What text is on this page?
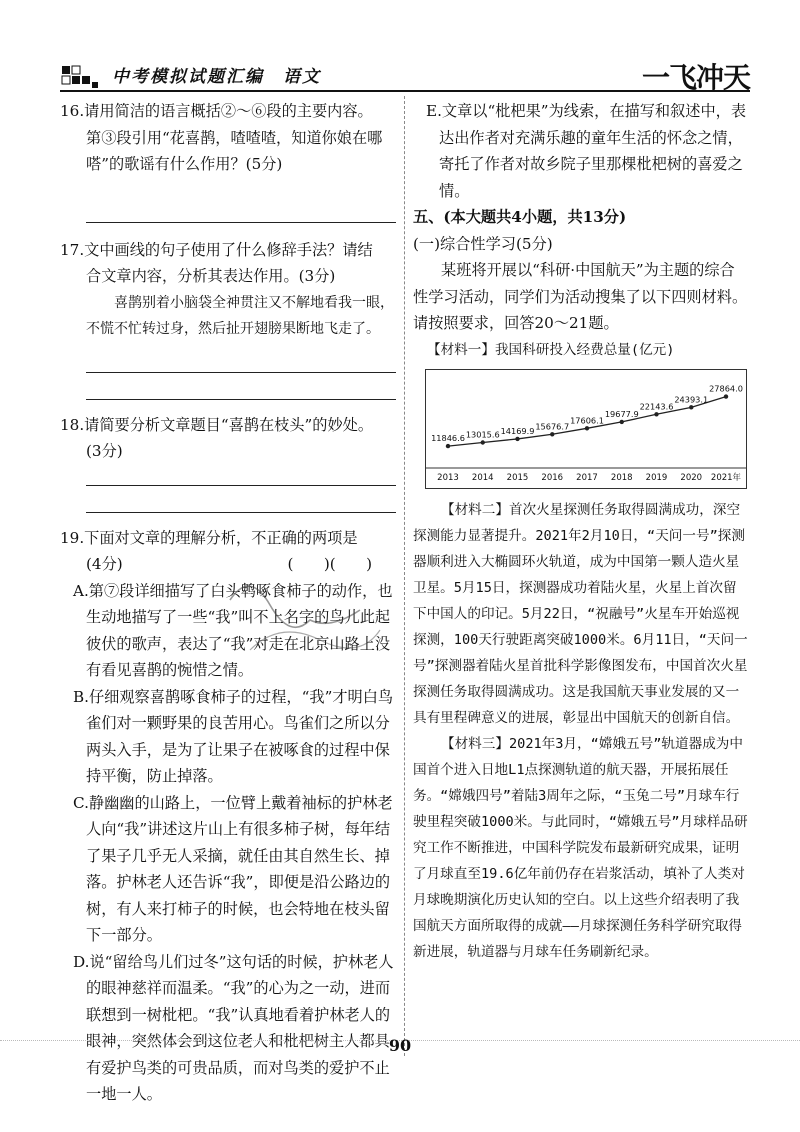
中考模拟试题汇编　语文	一飞冲天

16.请用简洁的语言概括②～⑥段的主要内容。

第③段引用“花喜鹊，喳喳喳，知道你娘在哪

嗒”的歌谣有什么作用？(5分)

17.文中画线的句子使用了什么修辞手法？请结

合文章内容，分析其表达作用。(3分)

喜鹊别着小脑袋全神贯注又不解地看我一眼，不慌不忙转过身，然后扯开翅膀果断地飞走了。

18.请简要分析文章题目“喜鹊在枝头”的妙处。

(3分)

19.下面对文章的理解分析，不正确的两项是

(4分)	(　　)(　　)

A.第⑦段详细描写了白头鹎啄食柿子的动作，也生动地描写了一些“我”叫不上名字的鸟儿此起彼伏的歌声，表达了“我”对走在北京山路上没有看见喜鹊的惋惜之情。

B.仔细观察喜鹊啄食柿子的过程，“我”才明白鸟雀们对一颗野果的良苦用心。鸟雀们之所以分两头入手，是为了让果子在被啄食的过程中保持平衡，防止掉落。

C.静幽幽的山路上，一位臂上戴着袖标的护林老人向“我”讲述这片山上有很多柿子树，每年结了果子几乎无人采摘，就任由其自然生长、掉落。护林老人还告诉“我”，即便是沿公路边的树，有人来打柿子的时候，也会特地在枝头留下一部分。

D.说“留给鸟儿们过冬”这句话的时候，护林老人的眼神慈祥而温柔。“我”的心为之一动，进而联想到一树枇杷。“我”认真地看着护林老人的眼神，突然体会到这位老人和枇杷树主人都具有爱护鸟类的可贵品质，而对鸟类的爱护不止一地一人。

E.文章以“枇杷果”为线索，在描写和叙述中，表达出作者对充满乐趣的童年生活的怀念之情，寄托了作者对故乡院子里那棵枇杷树的喜爱之情。

五、(本大题共4小题，共13分)

(一)综合性学习(5分)

某班将开展以“科研·中国航天”为主题的综合性学习活动，同学们为活动搜集了以下四则材料。请按照要求，回答20～21题。

【材料一】我国科研投入经费总量(亿元)

11846.6
2013
13015.6
2014
14169.9
2015
15676.7
2016
17606.1
2017
19677.9
2018
22143.6
2019
24393.1
2020
27864.0
2021年

【材料二】首次火星探测任务取得圆满成功，深空探测能力显著提升。2021年2月10日，“天问一号”探测器顺利进入大椭圆环火轨道，成为中国第一颗人造火星卫星。5月15日，探测器成功着陆火星，火星上首次留下中国人的印记。5月22日，“祝融号”火星车开始巡视探测，100天行驶距离突破1000米。6月11日，“天问一号”探测器着陆火星首批科学影像图发布，中国首次火星探测任务取得圆满成功。这是我国航天事业发展的又一具有里程碑意义的进展，彰显出中国航天的创新自信。

【材料三】2021年3月，“嫦娥五号”轨道器成为中国首个进入日地L1点探测轨道的航天器，开展拓展任务。“嫦娥四号”着陆3周年之际，“玉兔二号”月球车行驶里程突破1000米。与此同时，“嫦娥五号”月球样品研究工作不断推进，中国科学院发布最新研究成果，证明了月球直至19.6亿年前仍存在岩浆活动，填补了人类对月球晚期演化历史认知的空白。以上这些介绍表明了我国航天方面所取得的成就——月球探测任务科学研究取得新进展，轨道器与月球车任务刷新纪录。

90
